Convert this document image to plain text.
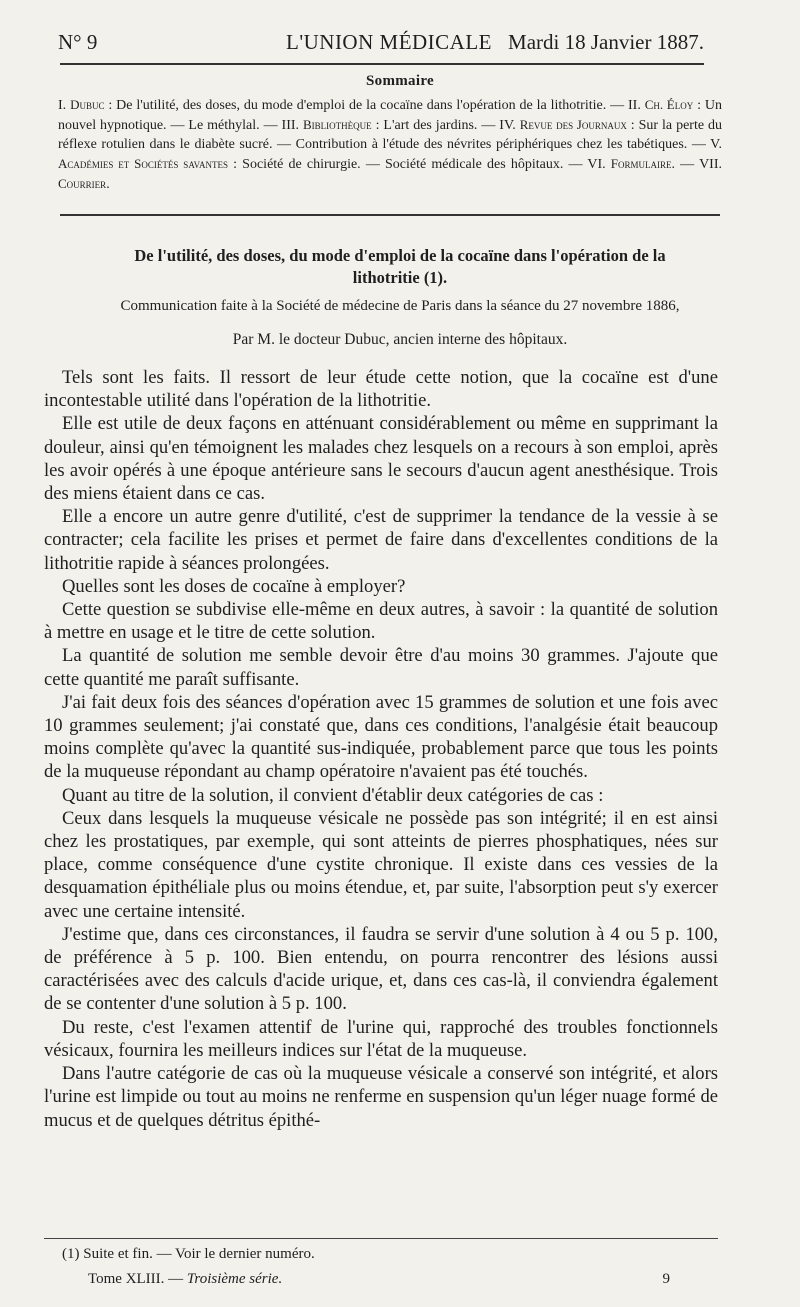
N° 9	L'UNION MÉDICALE Mardi 18 Janvier 1887.
Sommaire
I. Dubuc : De l'utilité, des doses, du mode d'emploi de la cocaïne dans l'opération de la lithotritie. — II. Ch. Éloy : Un nouvel hypnotique. — Le méthylal. — III. Bibliothèque : L'art des jardins. — IV. Revue des Journaux : Sur la perte du réflexe rotulien dans le diabète sucré. — Contribution à l'étude des névrites périphériques chez les tabétiques. — V. Académies et Sociétés savantes : Société de chirurgie. — Société médicale des hôpitaux. — VI. Formulaire. — VII. Courrier.
De l'utilité, des doses, du mode d'emploi de la cocaïne dans l'opération de la lithotritie (1).
Communication faite à la Société de médecine de Paris dans la séance du 27 novembre 1886,
Par M. le docteur Dubuc, ancien interne des hôpitaux.

Tels sont les faits. Il ressort de leur étude cette notion, que la cocaïne est d'une incontestable utilité dans l'opération de la lithotritie.

Elle est utile de deux façons en atténuant considérablement ou même en supprimant la douleur, ainsi qu'en témoignent les malades chez lesquels on a recours à son emploi, après les avoir opérés à une époque antérieure sans le secours d'aucun agent anesthésique. Trois des miens étaient dans ce cas.

Elle a encore un autre genre d'utilité, c'est de supprimer la tendance de la vessie à se contracter; cela facilite les prises et permet de faire dans d'excellentes conditions de la lithotritie rapide à séances prolongées.

Quelles sont les doses de cocaïne à employer?

Cette question se subdivise elle-même en deux autres, à savoir : la quantité de solution à mettre en usage et le titre de cette solution.

La quantité de solution me semble devoir être d'au moins 30 grammes. J'ajoute que cette quantité me paraît suffisante.

J'ai fait deux fois des séances d'opération avec 15 grammes de solution et une fois avec 10 grammes seulement; j'ai constaté que, dans ces conditions, l'analgésie était beaucoup moins complète qu'avec la quantité sus-indiquée, probablement parce que tous les points de la muqueuse répondant au champ opératoire n'avaient pas été touchés.

Quant au titre de la solution, il convient d'établir deux catégories de cas :

Ceux dans lesquels la muqueuse vésicale ne possède pas son intégrité; il en est ainsi chez les prostatiques, par exemple, qui sont atteints de pierres phosphatiques, nées sur place, comme conséquence d'une cystite chronique. Il existe dans ces vessies de la desquamation épithéliale plus ou moins étendue, et, par suite, l'absorption peut s'y exercer avec une certaine intensité.

J'estime que, dans ces circonstances, il faudra se servir d'une solution à 4 ou 5 p. 100, de préférence à 5 p. 100. Bien entendu, on pourra rencontrer des lésions aussi caractérisées avec des calculs d'acide urique, et, dans ces cas-là, il conviendra également de se contenter d'une solution à 5 p. 100.

Du reste, c'est l'examen attentif de l'urine qui, rapproché des troubles fonctionnels vésicaux, fournira les meilleurs indices sur l'état de la muqueuse.

Dans l'autre catégorie de cas où la muqueuse vésicale a conservé son intégrité, et alors l'urine est limpide ou tout au moins ne renferme en suspension qu'un léger nuage formé de mucus et de quelques détritus épithé-

(1) Suite et fin. — Voir le dernier numéro.
Tome XLIII. — Troisième série.	9
